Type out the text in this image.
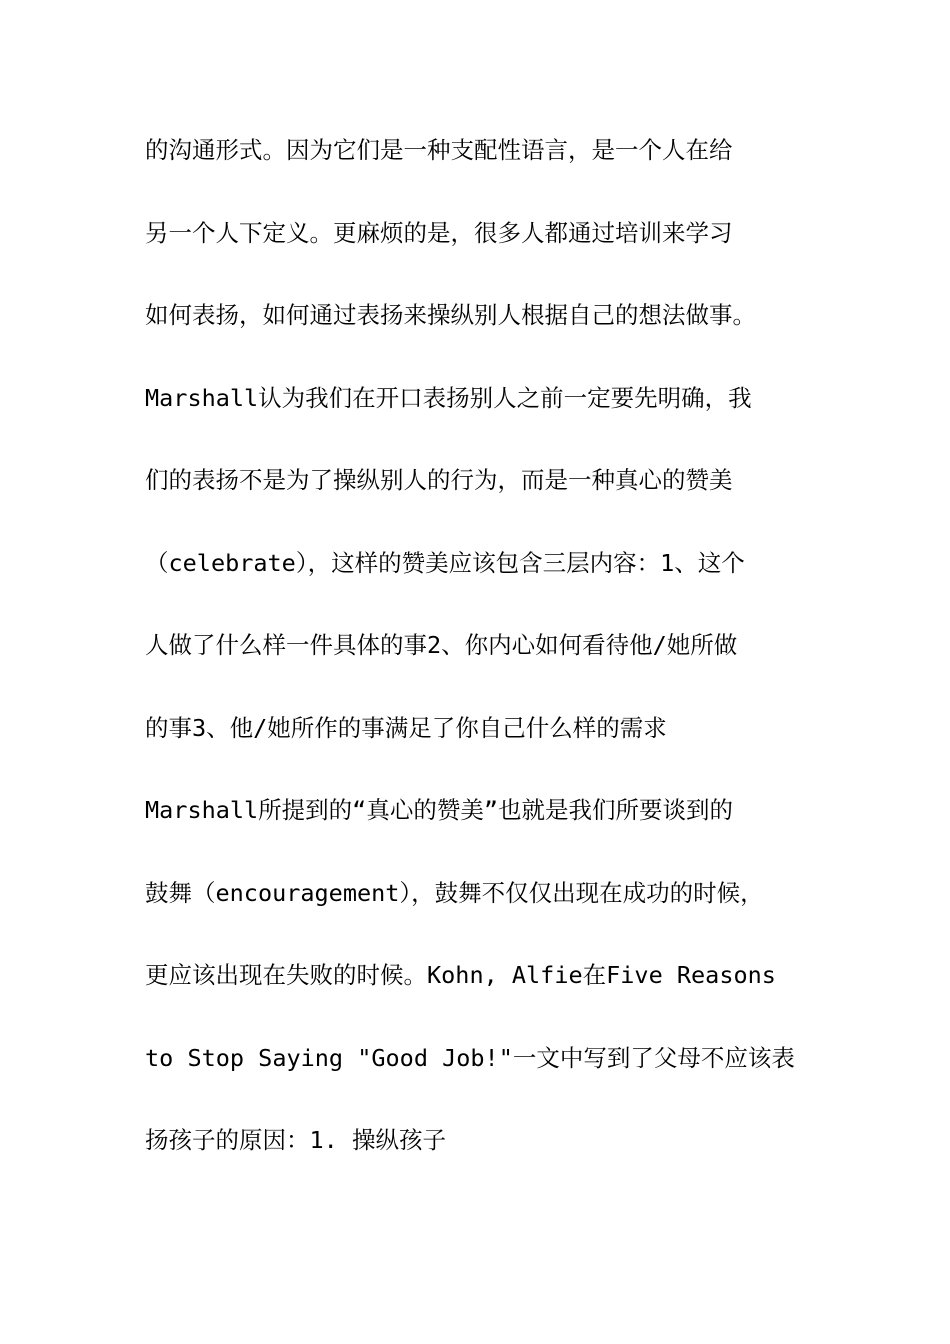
的沟通形式。因为它们是一种支配性语言，是一个人在给
另一个人下定义。更麻烦的是，很多人都通过培训来学习
如何表扬，如何通过表扬来操纵别人根据自己的想法做事。
Marshall认为我们在开口表扬别人之前一定要先明确，我
们的表扬不是为了操纵别人的行为，而是一种真心的赞美
（celebrate），这样的赞美应该包含三层内容：1、这个
人做了什么样一件具体的事2、你内心如何看待他/她所做
的事3、他/她所作的事满足了你自己什么样的需求
Marshall所提到的“真心的赞美”也就是我们所要谈到的
鼓舞（encouragement），鼓舞不仅仅出现在成功的时候，
更应该出现在失败的时候。Kohn, Alfie在Five Reasons
to Stop Saying "Good Job!"一文中写到了父母不应该表
扬孩子的原因：1. 操纵孩子
